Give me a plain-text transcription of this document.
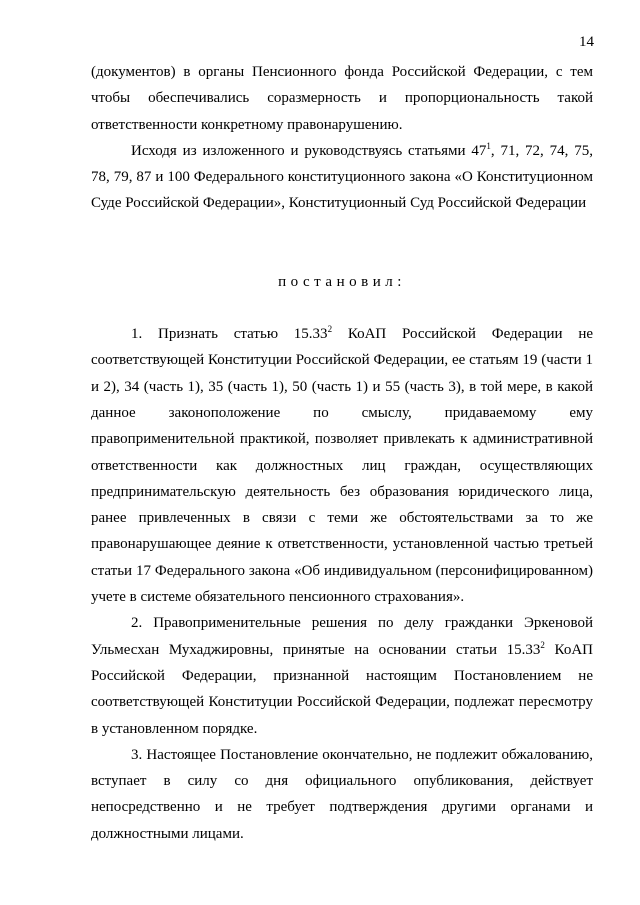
14

(документов) в органы Пенсионного фонда Российской Федерации, с тем чтобы обеспечивались соразмерность и пропорциональность такой ответственности конкретному правонарушению.

Исходя из изложенного и руководствуясь статьями $47^1$, 71, 72, 74, 75, 78, 79, 87 и 100 Федерального конституционного закона «О Конституционном Суде Российской Федерации», Конституционный Суд Российской Федерации

постановил:

1. Признать статью 15.33$^2$ КоАП Российской Федерации не соответствующей Конституции Российской Федерации, ее статьям 19 (части 1 и 2), 34 (часть 1), 35 (часть 1), 50 (часть 1) и 55 (часть 3), в той мере, в какой данное законоположение по смыслу, придаваемому ему правоприменительной практикой, позволяет привлекать к административной ответственности как должностных лиц граждан, осуществляющих предпринимательскую деятельность без образования юридического лица, ранее привлеченных в связи с теми же обстоятельствами за то же правонарушающее деяние к ответственности, установленной частью третьей статьи 17 Федерального закона «Об индивидуальном (персонифицированном) учете в системе обязательного пенсионного страхования».

2. Правоприменительные решения по делу гражданки Эркеновой Ульмесхан Мухаджировны, принятые на основании статьи 15.33$^2$ КоАП Российской Федерации, признанной настоящим Постановлением не соответствующей Конституции Российской Федерации, подлежат пересмотру в установленном порядке.

3. Настоящее Постановление окончательно, не подлежит обжалованию, вступает в силу со дня официального опубликования, действует непосредственно и не требует подтверждения другими органами и должностными лицами.
